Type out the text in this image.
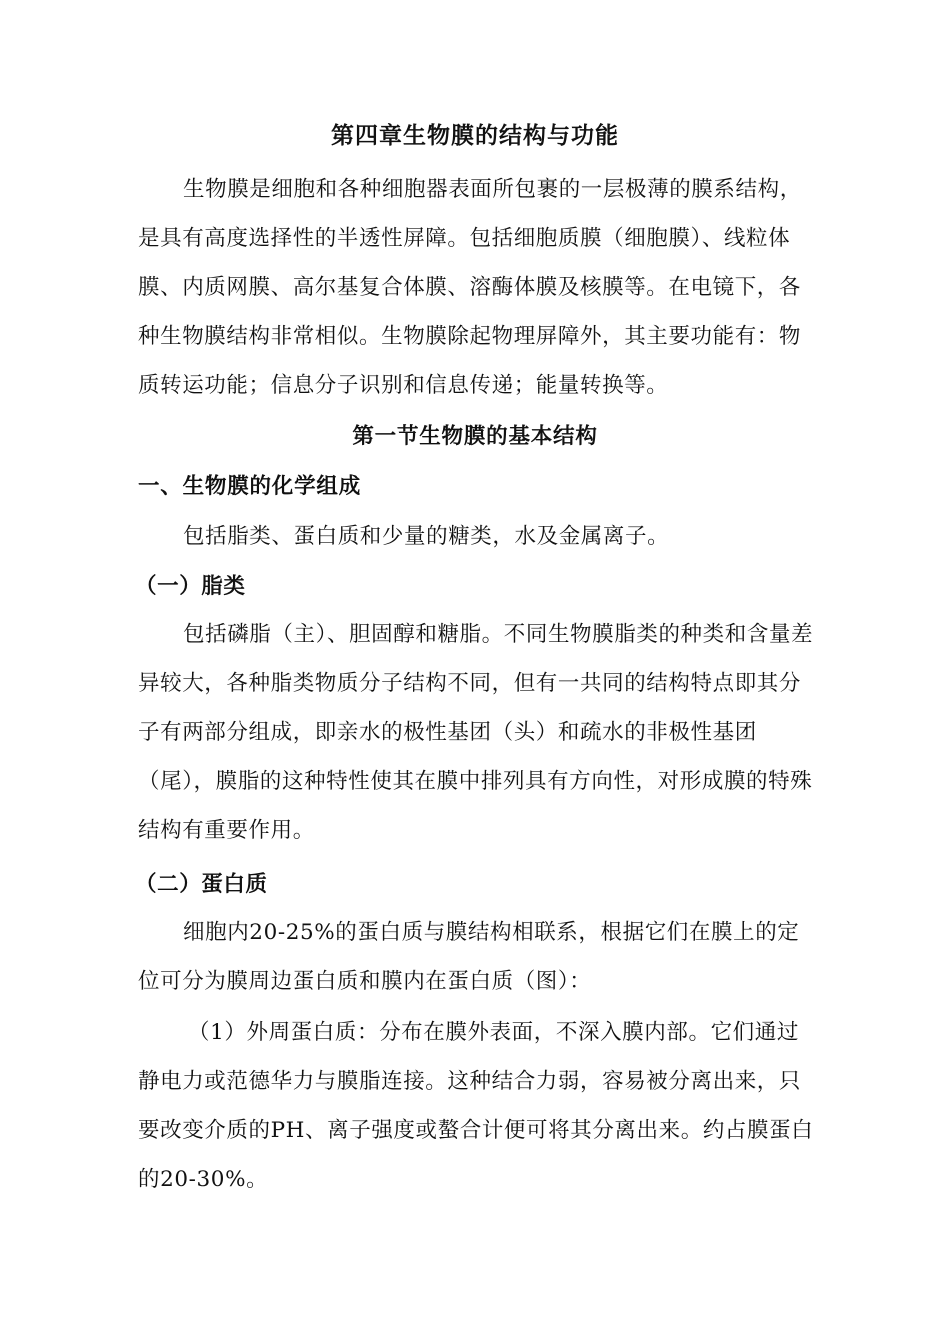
第四章生物膜的结构与功能

生物膜是细胞和各种细胞器表面所包裹的一层极薄的膜系结构，是具有高度选择性的半透性屏障。包括细胞质膜（细胞膜）、线粒体膜、内质网膜、高尔基复合体膜、溶酶体膜及核膜等。在电镜下，各种生物膜结构非常相似。生物膜除起物理屏障外，其主要功能有：物质转运功能；信息分子识别和信息传递；能量转换等。

第一节生物膜的基本结构
一、生物膜的化学组成

包括脂类、蛋白质和少量的糖类，水及金属离子。

（一）脂类

包括磷脂（主）、胆固醇和糖脂。不同生物膜脂类的种类和含量差异较大，各种脂类物质分子结构不同，但有一共同的结构特点即其分子有两部分组成，即亲水的极性基团（头）和疏水的非极性基团（尾），膜脂的这种特性使其在膜中排列具有方向性，对形成膜的特殊结构有重要作用。

（二）蛋白质

细胞内20-25%的蛋白质与膜结构相联系，根据它们在膜上的定位可分为膜周边蛋白质和膜内在蛋白质（图）：

（1）外周蛋白质：分布在膜外表面，不深入膜内部。它们通过静电力或范德华力与膜脂连接。这种结合力弱，容易被分离出来，只要改变介质的PH、离子强度或螯合计便可将其分离出来。约占膜蛋白的20-30%。
